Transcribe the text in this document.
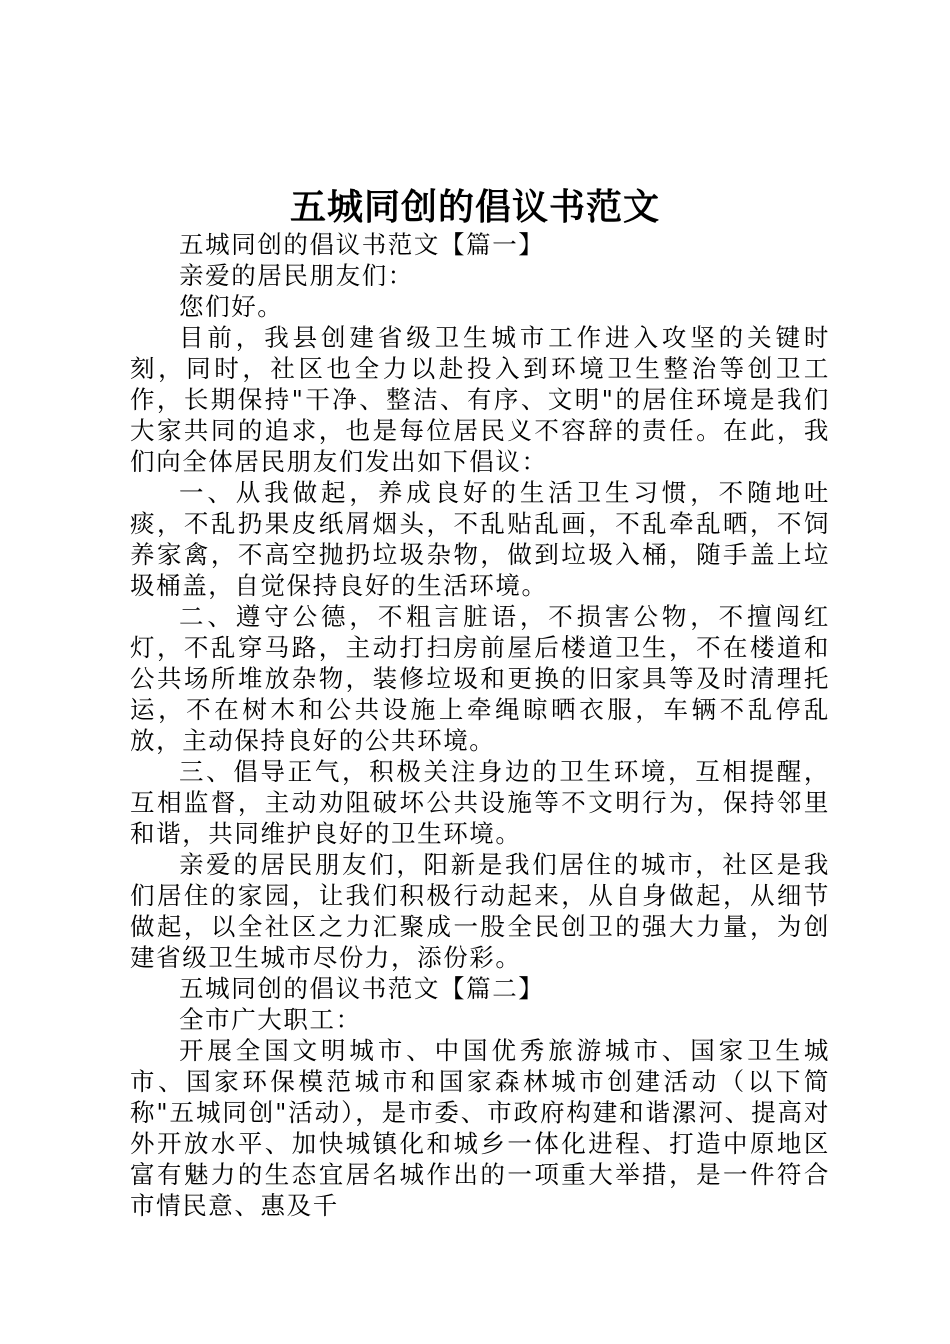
五城同创的倡议书范文

五城同创的倡议书范文【篇一】

亲爱的居民朋友们：

您们好。

目前，我县创建省级卫生城市工作进入攻坚的关键时刻，同时，社区也全力以赴投入到环境卫生整治等创卫工作，长期保持"干净、整洁、有序、文明"的居住环境是我们大家共同的追求，也是每位居民义不容辞的责任。在此，我们向全体居民朋友们发出如下倡议：

一、从我做起，养成良好的生活卫生习惯，不随地吐痰，不乱扔果皮纸屑烟头，不乱贴乱画，不乱牵乱晒，不饲养家禽，不高空抛扔垃圾杂物，做到垃圾入桶，随手盖上垃圾桶盖，自觉保持良好的生活环境。

二、遵守公德，不粗言脏语，不损害公物，不擅闯红灯，不乱穿马路，主动打扫房前屋后楼道卫生，不在楼道和公共场所堆放杂物，装修垃圾和更换的旧家具等及时清理托运，不在树木和公共设施上牵绳晾晒衣服，车辆不乱停乱放，主动保持良好的公共环境。

三、倡导正气，积极关注身边的卫生环境，互相提醒，互相监督，主动劝阻破坏公共设施等不文明行为，保持邻里和谐，共同维护良好的卫生环境。

亲爱的居民朋友们，阳新是我们居住的城市，社区是我们居住的家园，让我们积极行动起来，从自身做起，从细节做起，以全社区之力汇聚成一股全民创卫的强大力量，为创建省级卫生城市尽份力，添份彩。

五城同创的倡议书范文【篇二】

全市广大职工：

开展全国文明城市、中国优秀旅游城市、国家卫生城市、国家环保模范城市和国家森林城市创建活动（以下简称"五城同创"活动），是市委、市政府构建和谐漯河、提高对外开放水平、加快城镇化和城乡一体化进程、打造中原地区富有魅力的生态宜居名城作出的一项重大举措，是一件符合市情民意、惠及千
